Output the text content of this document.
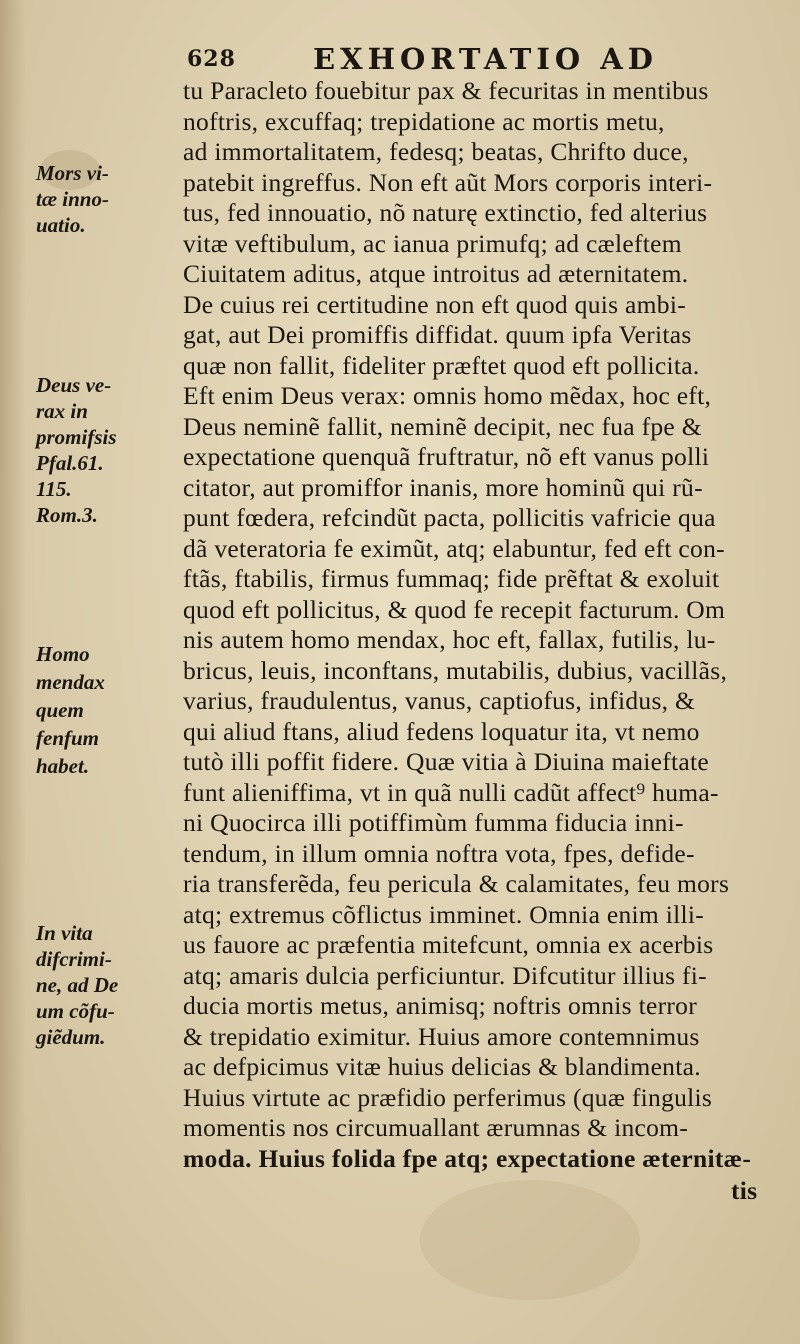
628	EXHORTATIO AD
tu Paracleto fouebitur pax & fecuritas in mentibus
noftris, excuffaq; trepidatione ac mortis metu,
ad immortalitatem, fedesq; beatas, Chrifto duce,
patebit ingreffus. Non eft aũt Mors corporis interi-
tus, fed innouatio, nõ naturę extinctio, fed alterius
vitæ veftibulum, ac ianua primufq; ad cæleftem
Ciuitatem aditus, atque introitus ad æternitatem.
De cuius rei certitudine non eft quod quis ambi-
gat, aut Dei promiffis diffidat. quum ipfa Veritas
quæ non fallit, fideliter præftet quod eft pollicita.
Eft enim Deus verax: omnis homo mẽdax, hoc eft,
Deus neminẽ fallit, neminẽ decipit, nec fua fpe &
expectatione quenquã fruftratur, nõ eft vanus polli
citator, aut promiffor inanis, more hominũ qui rũ-
punt fœdera, refcindũt pacta, pollicitis vafricie qua
dã veteratoria fe eximũt, atq; elabuntur, fed eft con-
ftãs, ftabilis, firmus fummaq; fide prẽftat & exoluit
quod eft pollicitus, & quod fe recepit facturum. Om
nis autem homo mendax, hoc eft, fallax, futilis, lu-
bricus, leuis, inconftans, mutabilis, dubius, vacillãs,
varius, fraudulentus, vanus, captiofus, infidus, &
qui aliud ftans, aliud fedens loquatur ita, vt nemo
tutò illi poffit fidere. Quæ vitia à Diuina maieftate
funt alieniffima, vt in quã nulli cadũt affect⁹ huma-
ni Quocirca illi potiffimùm fumma fiducia inni-
tendum, in illum omnia noftra vota, fpes, defide-
ria transferẽda, feu pericula & calamitates, feu mors
atq; extremus cõflictus imminet. Omnia enim illi-
us fauore ac præfentia mitefcunt, omnia ex acerbis
atq; amaris dulcia perficiuntur. Difcutitur illius fi-
ducia mortis metus, animisq; noftris omnis terror
& trepidatio eximitur. Huius amore contemnimus
ac defpicimus vitæ huius delicias & blandimenta.
Huius virtute ac præfidio perferimus (quæ fingulis
momentis nos circumuallant ærumnas & incom-
moda. Huius folida fpe atq; expectatione æternitæ-
tis
Mors vi-
tæ inno-
uatio.
Deus ve-
rax in
promifsis
Pfal.61.
115.
Rom.3.
Homo
mendax
quem
fenfum
habet.
In vita
difcrimi-
ne, ad De
um cõfu-
giẽdum.
